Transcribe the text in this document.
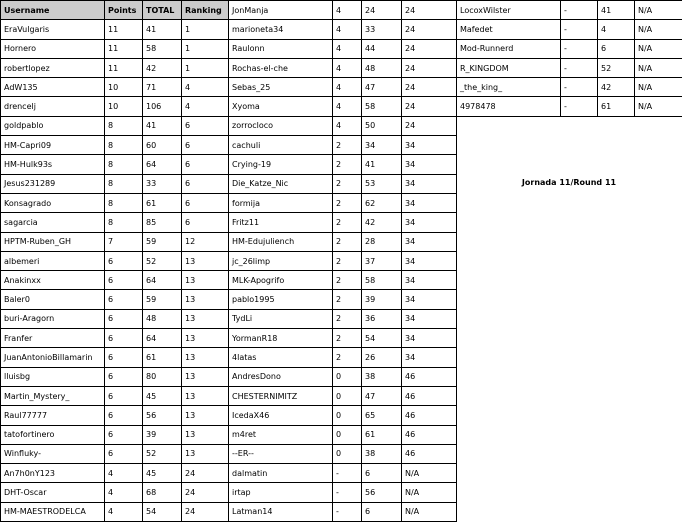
Username	Points	TOTAL	Ranking
EraVulgaris	11	41	1
Hornero	11	58	1
robertlopez	11	42	1
AdW135	10	71	4
drencelj	10	106	4
goldpablo	8	41	6
HM-Capri09	8	60	6
HM-Hulk93s	8	64	6
Jesus231289	8	33	6
Konsagrado	8	61	6
sagarcia	8	85	6
HPTM-Ruben_GH	7	59	12
albemeri	6	52	13
Anakinxx	6	64	13
Baler0	6	59	13
buri-Aragorn	6	48	13
Franfer	6	64	13
JuanAntonioBillamarin	6	61	13
lluisbg	6	80	13
Martin_Mystery_	6	45	13
Raul77777	6	56	13
tatofortinero	6	39	13
Winfluky-	6	52	13
An7h0nY123	4	45	24
DHT-Oscar	4	68	24
HM-MAESTRODELCA	4	54	24
JonManja	4	24	24
marioneta34	4	33	24
Raulonn	4	44	24
Rochas-el-che	4	48	24
Sebas_25	4	47	24
Xyoma	4	58	24
zorrocloco	4	50	24
cachuli	2	34	34
Crying-19	2	41	34
Die_Katze_Nic	2	53	34
formija	2	62	34
Fritz11	2	42	34
HM-Edujulienc​h	2	28	34
jc_26limp	2	37	34
MLK-Apogrifo	2	58	34
pablo1995	2	39	34
TydLi	2	36	34
YormanR18	2	54	34
4latas	2	26	34
AndresDono	0	38	46
CHESTERNIMITZ	0	47	46
IcedaX46	0	65	46
m4ret	0	61	46
--ER--	0	38	46
dalmatin	-	6	N/A
irtap	-	56	N/A
Latman14	-	6	N/A
LocoxWilster	-	41	N/A
Mafedet	-	4	N/A
Mod-Runnerd	-	6	N/A
R_KINGDOM	-	52	N/A
_the_king_	-	42	N/A
4978478	-	61	N/A
Jornada 11/Round 11
